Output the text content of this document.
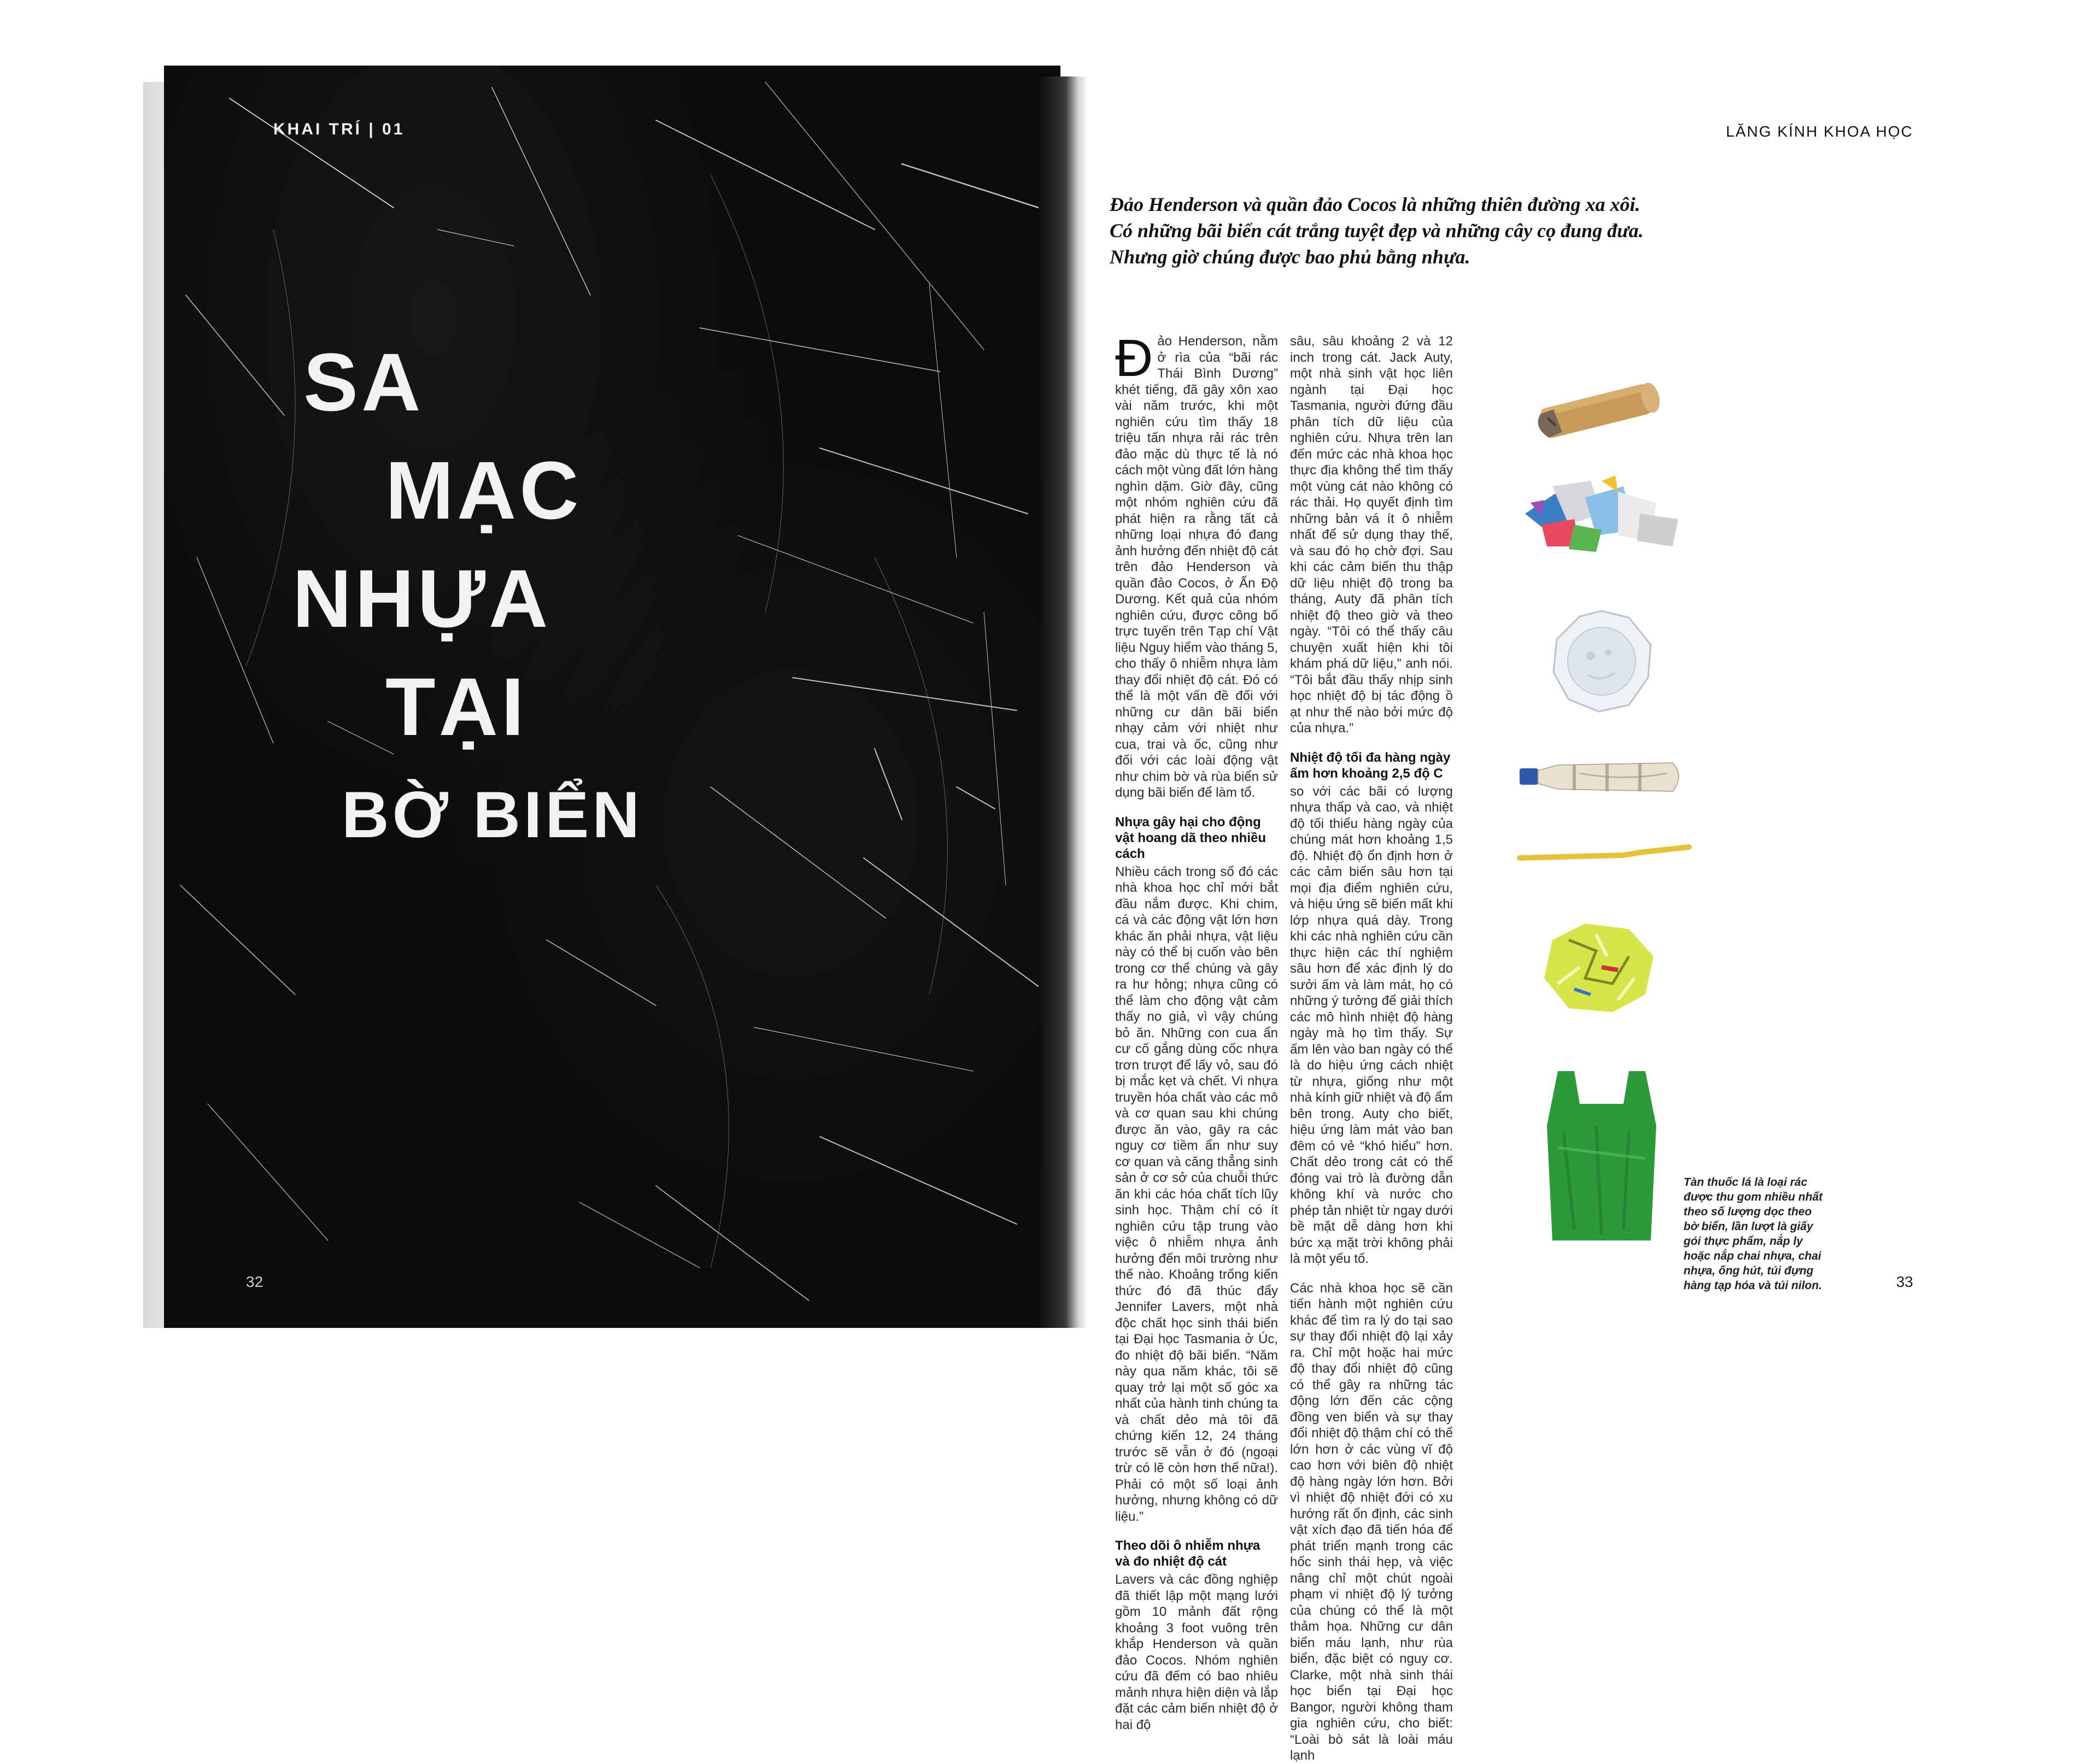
KHAI TRÍ | 01
SA
MẠC
NHỰA
TẠI
BỜ BIỂN
32
LĂNG KÍNH KHOA HỌC
Đảo Henderson và quần đảo Cocos là những thiên đường xa xôi. Có những bãi biển cát trắng tuyệt đẹp và những cây cọ đung đưa. Nhưng giờ chúng được bao phủ bằng nhựa.

Đảo Henderson, nằm ở rìa của “bãi rác Thái Bình Dương” khét tiếng, đã gây xôn xao vài năm trước, khi một nghiên cứu tìm thấy 18 triệu tấn nhựa rải rác trên đảo mặc dù thực tế là nó cách một vùng đất lớn hàng nghìn dặm. Giờ đây, cũng một nhóm nghiên cứu đã phát hiện ra rằng tất cả những loại nhựa đó đang ảnh hưởng đến nhiệt độ cát trên đảo Henderson và quần đảo Cocos, ở Ấn Độ Dương. Kết quả của nhóm nghiên cứu, được công bố trực tuyến trên Tạp chí Vật liệu Nguy hiểm vào tháng 5, cho thấy ô nhiễm nhựa làm thay đổi nhiệt độ cát. Đó có thể là một vấn đề đối với những cư dân bãi biển nhạy cảm với nhiệt như cua, trai và ốc, cũng như đối với các loài động vật như chim bờ và rùa biển sử dụng bãi biển để làm tổ.

Nhựa gây hại cho động vật hoang dã theo nhiều cách

Nhiều cách trong số đó các nhà khoa học chỉ mới bắt đầu nắm được. Khi chim, cá và các động vật lớn hơn khác ăn phải nhựa, vật liệu này có thể bị cuốn vào bên trong cơ thể chúng và gây ra hư hỏng; nhựa cũng có thể làm cho động vật cảm thấy no giả, vì vậy chúng bỏ ăn. Những con cua ẩn cư cố gắng dùng cốc nhựa trơn trượt để lấy vỏ, sau đó bị mắc kẹt và chết. Vi nhựa truyền hóa chất vào các mô và cơ quan sau khi chúng được ăn vào, gây ra các nguy cơ tiềm ẩn như suy cơ quan và căng thẳng sinh sản ở cơ sở của chuỗi thức ăn khi các hóa chất tích lũy sinh học. Thậm chí có ít nghiên cứu tập trung vào việc ô nhiễm nhựa ảnh hưởng đến môi trường như thế nào. Khoảng trống kiến thức đó đã thúc đẩy Jennifer Lavers, một nhà độc chất học sinh thái biển tại Đại học Tasmania ở Úc, đo nhiệt độ bãi biển. “Năm này qua năm khác, tôi sẽ quay trở lại một số góc xa nhất của hành tinh chúng ta và chất dẻo mà tôi đã chứng kiến 12, 24 tháng trước sẽ vẫn ở đó (ngoại trừ có lẽ còn hơn thế nữa!). Phải có một số loại ảnh hưởng, nhưng không có dữ liệu.”

Theo dõi ô nhiễm nhựa và đo nhiệt độ cát

Lavers và các đồng nghiệp đã thiết lập một mạng lưới gồm 10 mảnh đất rộng khoảng 3 foot vuông trên khắp Henderson và quần đảo Cocos. Nhóm nghiên cứu đã đếm có bao nhiêu mảnh nhựa hiện diện và lắp đặt các cảm biến nhiệt độ ở hai độ

sâu, sâu khoảng 2 và 12 inch trong cát. Jack Auty, một nhà sinh vật học liên ngành tại Đại học Tasmania, người đứng đầu phân tích dữ liệu của nghiên cứu. Nhựa trên lan đến mức các nhà khoa học thực địa không thể tìm thấy một vùng cát nào không có rác thải. Họ quyết định tìm những bản vá ít ô nhiễm nhất để sử dụng thay thế, và sau đó họ chờ đợi. Sau khi các cảm biến thu thập dữ liệu nhiệt độ trong ba tháng, Auty đã phân tích nhiệt độ theo giờ và theo ngày. “Tôi có thể thấy câu chuyện xuất hiện khi tôi khám phá dữ liệu,” anh nói. “Tôi bắt đầu thấy nhịp sinh học nhiệt độ bị tác động ồ ạt như thế nào bởi mức độ của nhựa.”

Nhiệt độ tối đa hàng ngày ấm hơn khoảng 2,5 độ C

so với các bãi có lượng nhựa thấp và cao, và nhiệt độ tối thiểu hàng ngày của chúng mát hơn khoảng 1,5 độ. Nhiệt độ ổn định hơn ở các cảm biến sâu hơn tại mọi địa điểm nghiên cứu, và hiệu ứng sẽ biến mất khi lớp nhựa quá dày. Trong khi các nhà nghiên cứu cần thực hiện các thí nghiệm sâu hơn để xác định lý do sưởi ấm và làm mát, họ có những ý tưởng để giải thích các mô hình nhiệt độ hàng ngày mà họ tìm thấy. Sự ấm lên vào ban ngày có thể là do hiệu ứng cách nhiệt từ nhựa, giống như một nhà kính giữ nhiệt và độ ẩm bên trong. Auty cho biết, hiệu ứng làm mát vào ban đêm có vẻ “khó hiểu” hơn. Chất dẻo trong cát có thể đóng vai trò là đường dẫn không khí và nước cho phép tản nhiệt từ ngay dưới bề mặt dễ dàng hơn khi bức xạ mặt trời không phải là một yếu tố.

Các nhà khoa học sẽ cần tiến hành một nghiên cứu khác để tìm ra lý do tại sao sự thay đổi nhiệt độ lại xảy ra. Chỉ một hoặc hai mức độ thay đổi nhiệt độ cũng có thể gây ra những tác động lớn đến các cộng đồng ven biển và sự thay đổi nhiệt độ thậm chí có thể lớn hơn ở các vùng vĩ độ cao hơn với biên độ nhiệt độ hàng ngày lớn hơn. Bởi vì nhiệt độ nhiệt đới có xu hướng rất ổn định, các sinh vật xích đạo đã tiến hóa để phát triển mạnh trong các hốc sinh thái hẹp, và việc nâng chỉ một chút ngoài phạm vi nhiệt độ lý tưởng của chúng có thể là một thảm họa. Những cư dân biển máu lạnh, như rùa biển, đặc biệt có nguy cơ. Clarke, một nhà sinh thái học biển tại Đại học Bangor, người không tham gia nghiên cứu, cho biết: “Loài bò sát là loài máu lạnh

Tàn thuốc lá là loại rác được thu gom nhiều nhất theo số lượng dọc theo bờ biển, lần lượt là giấy gói thực phẩm, nắp ly hoặc nắp chai nhựa, chai nhựa, ống hút, túi đựng hàng tạp hóa và túi nilon.	33
